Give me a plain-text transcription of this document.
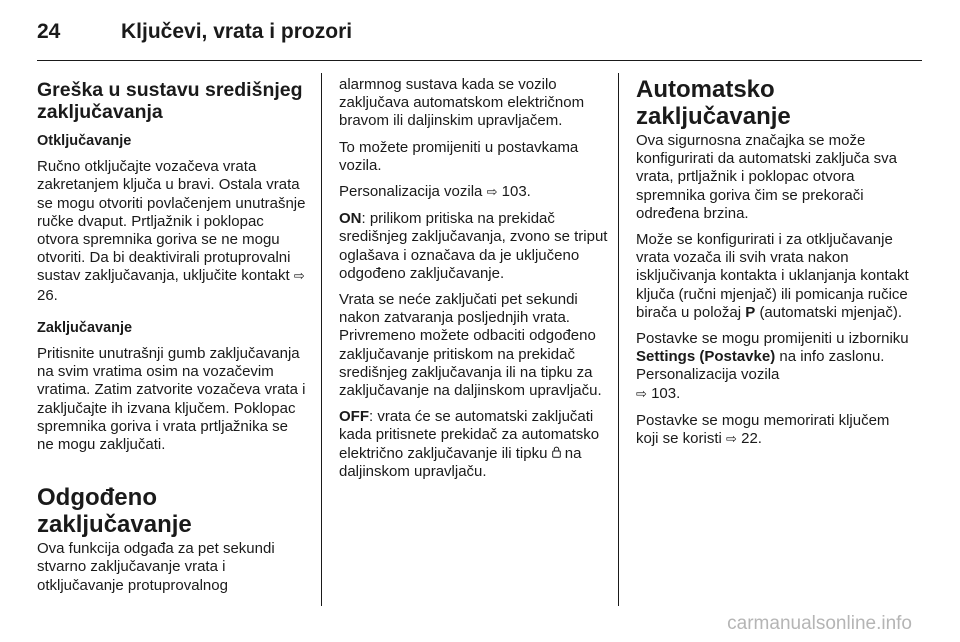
24	Ključevi, vrata i prozori
Greška u sustavu središnjeg zaključavanja

Otključavanje

Ručno otključajte vozačeva vrata zakretanjem ključa u bravi. Ostala vrata se mogu otvoriti povlačenjem unutrašnje ručke dvaput. Prtljažnik i poklopac otvora spremnika goriva se ne mogu otvoriti. Da bi deaktivirali protuprovalni sustav zaključavanja, uključite kontakt ⇨ 26.

Zaključavanje

Pritisnite unutrašnji gumb zaključavanja na svim vratima osim na vozačevim vratima. Zatim zatvorite vozačeva vrata i zaključajte ih izvana ključem. Poklopac spremnika goriva i vrata prtljažnika se ne mogu zaključati.

Odgođeno zaključavanje

Ova funkcija odgađa za pet sekundi stvarno zaključavanje vrata i otključavanje protuprovalnog

alarmnog sustava kada se vozilo zaključava automatskom električnom bravom ili daljinskim upravljačem.

To možete promijeniti u postavkama vozila.

Personalizacija vozila ⇨ 103.

ON: prilikom pritiska na prekidač središnjeg zaključavanja, zvono se triput oglašava i označava da je uključeno odgođeno zaključavanje.

Vrata se neće zaključati pet sekundi nakon zatvaranja posljednjih vrata. Privremeno možete odbaciti odgođeno zaključavanje pritiskom na prekidač središnjeg zaključavanja ili na tipku za zaključavanje na daljinskom upravljaču.

OFF: vrata će se automatski zaključati kada pritisnete prekidač za automatsko električno zaključavanje ili tipku na daljinskom upravljaču.

Automatsko zaključavanje

Ova sigurnosna značajka se može konfigurirati da automatski zaključa sva vrata, prtljažnik i poklopac otvora spremnika goriva čim se prekorači određena brzina.

Može se konfigurirati i za otključavanje vrata vozača ili svih vrata nakon isključivanja kontakta i uklanjanja kontakt ključa (ručni mjenjač) ili pomicanja ručice birača u položaj P (automatski mjenjač).

Postavke se mogu promijeniti u izborniku Settings (Postavke) na info zaslonu. Personalizacija vozila
⇨ 103.

Postavke se mogu memorirati ključem koji se koristi ⇨ 22.

carmanualsonline.info
